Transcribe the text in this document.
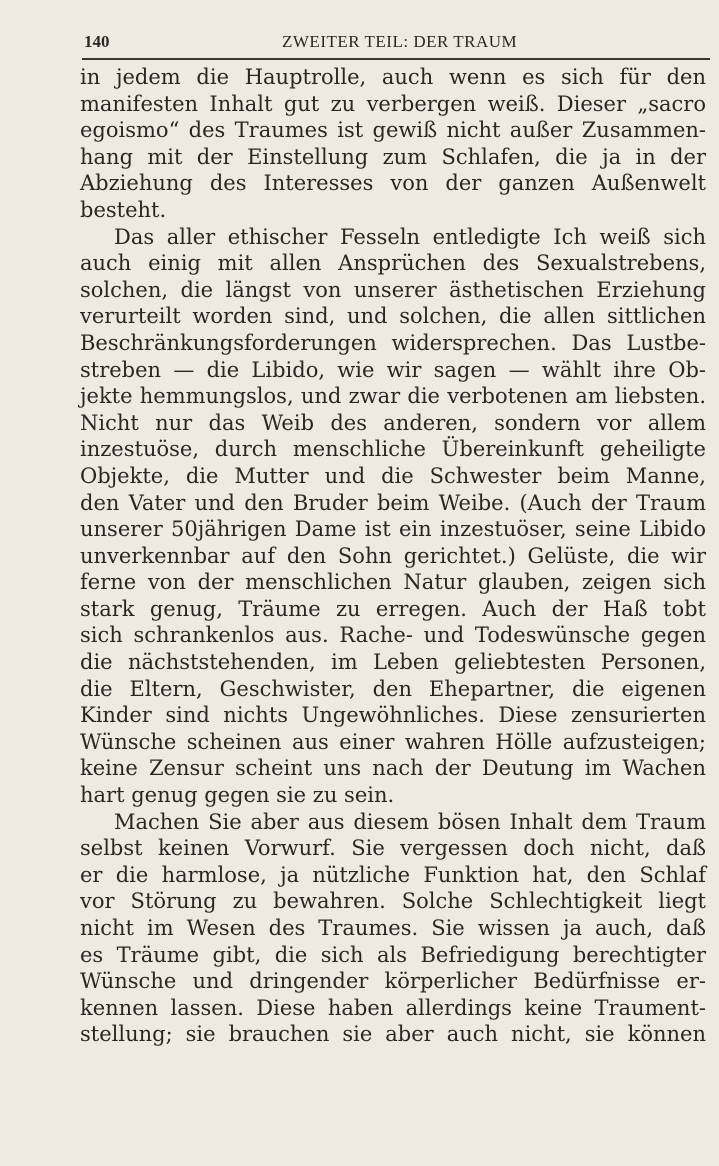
140	ZWEITER TEIL: DER TRAUM
in jedem die Hauptrolle, auch wenn es sich für den
manifesten Inhalt gut zu verbergen weiß. Dieser „sacro
egoismo“ des Traumes ist gewiß nicht außer Zusammen-
hang mit der Einstellung zum Schlafen, die ja in der
Abziehung des Interesses von der ganzen Außenwelt
besteht.
Das aller ethischer Fesseln entledigte Ich weiß sich
auch einig mit allen Ansprüchen des Sexualstrebens,
solchen, die längst von unserer ästhetischen Erziehung
verurteilt worden sind, und solchen, die allen sittlichen
Beschränkungsforderungen widersprechen. Das Lustbe-
streben — die Libido, wie wir sagen — wählt ihre Ob-
jekte hemmungslos, und zwar die verbotenen am liebsten.
Nicht nur das Weib des anderen, sondern vor allem
inzestuöse, durch menschliche Übereinkunft geheiligte
Objekte, die Mutter und die Schwester beim Manne,
den Vater und den Bruder beim Weibe. (Auch der Traum
unserer 50jährigen Dame ist ein inzestuöser, seine Libido
unverkennbar auf den Sohn gerichtet.) Gelüste, die wir
ferne von der menschlichen Natur glauben, zeigen sich
stark genug, Träume zu erregen. Auch der Haß tobt
sich schrankenlos aus. Rache- und Todeswünsche gegen
die nächststehenden, im Leben geliebtesten Personen,
die Eltern, Geschwister, den Ehepartner, die eigenen
Kinder sind nichts Ungewöhnliches. Diese zensurierten
Wünsche scheinen aus einer wahren Hölle aufzusteigen;
keine Zensur scheint uns nach der Deutung im Wachen
hart genug gegen sie zu sein.
Machen Sie aber aus diesem bösen Inhalt dem Traum
selbst keinen Vorwurf. Sie vergessen doch nicht, daß
er die harmlose, ja nützliche Funktion hat, den Schlaf
vor Störung zu bewahren. Solche Schlechtigkeit liegt
nicht im Wesen des Traumes. Sie wissen ja auch, daß
es Träume gibt, die sich als Befriedigung berechtigter
Wünsche und dringender körperlicher Bedürfnisse er-
kennen lassen. Diese haben allerdings keine Traument-
stellung; sie brauchen sie aber auch nicht, sie können
